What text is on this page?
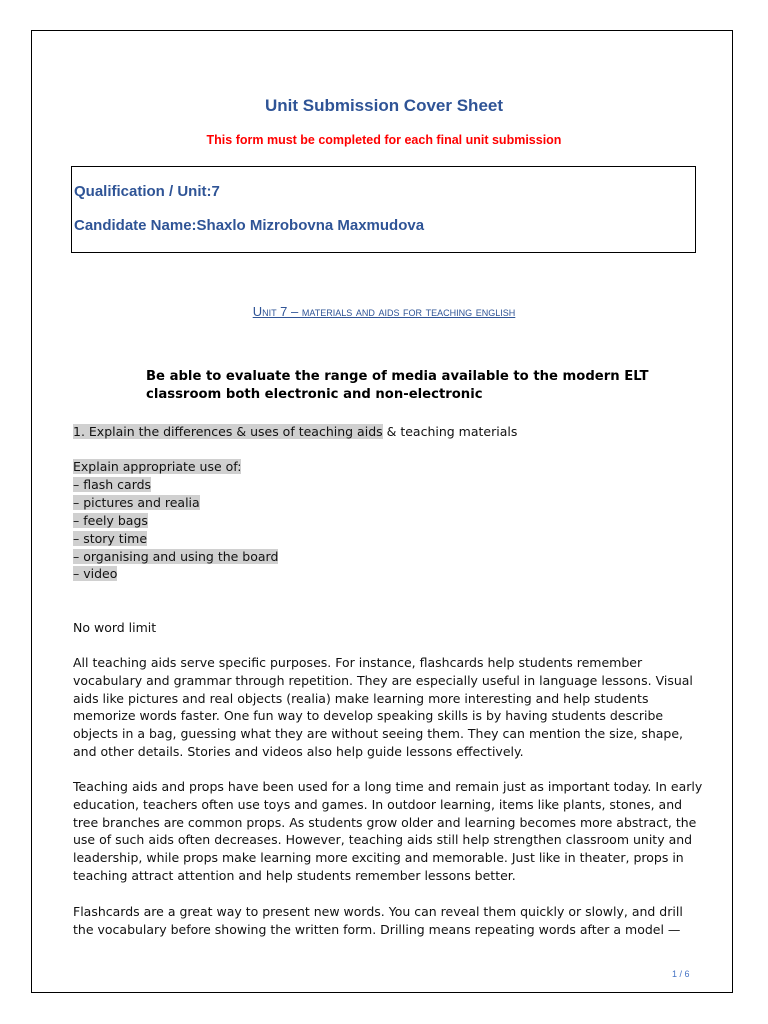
Unit Submission Cover Sheet
This form must be completed for each final unit submission
Qualification / Unit:7
Candidate Name:Shaxlo Mizrobovna Maxmudova
Unit 7 – materials and aids for teaching english
Be able to evaluate the range of media available to the modern ELT classroom both electronic and non-electronic
1. Explain the differences & uses of teaching aids & teaching materials
Explain appropriate use of:
– flash cards
– pictures and realia
– feely bags
– story time
– organising and using the board
– video
No word limit

All teaching aids serve specific purposes. For instance, flashcards help students remember vocabulary and grammar through repetition. They are especially useful in language lessons. Visual aids like pictures and real objects (realia) make learning more interesting and help students memorize words faster. One fun way to develop speaking skills is by having students describe objects in a bag, guessing what they are without seeing them. They can mention the size, shape, and other details. Stories and videos also help guide lessons effectively.

Teaching aids and props have been used for a long time and remain just as important today. In early education, teachers often use toys and games. In outdoor learning, items like plants, stones, and tree branches are common props. As students grow older and learning becomes more abstract, the use of such aids often decreases. However, teaching aids still help strengthen classroom unity and leadership, while props make learning more exciting and memorable. Just like in theater, props in teaching attract attention and help students remember lessons better.

Flashcards are a great way to present new words. You can reveal them quickly or slowly, and drill the vocabulary before showing the written form. Drilling means repeating words after a model —

1 / 6
